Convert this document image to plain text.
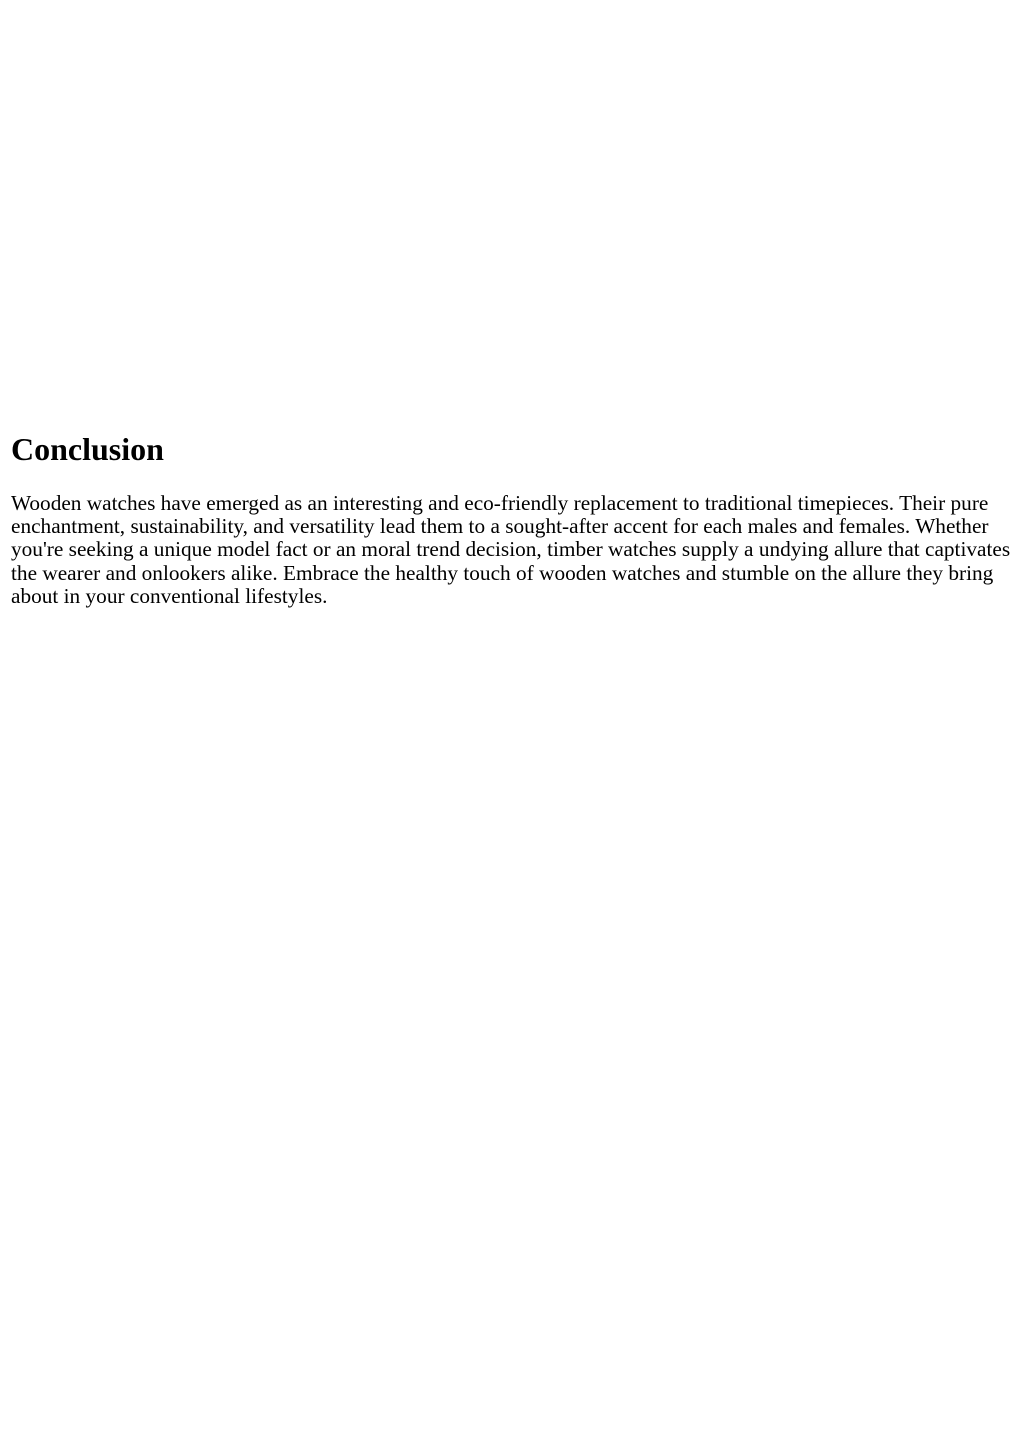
Conclusion

Wooden watches have emerged as an interesting and eco-friendly replacement to traditional timepieces. Their pure enchantment, sustainability, and versatility lead them to a sought-after accent for each males and females. Whether you're seeking a unique model fact or an moral trend decision, timber watches supply a undying allure that captivates the wearer and onlookers alike. Embrace the healthy touch of wooden watches and stumble on the allure they bring about in your conventional lifestyles.
